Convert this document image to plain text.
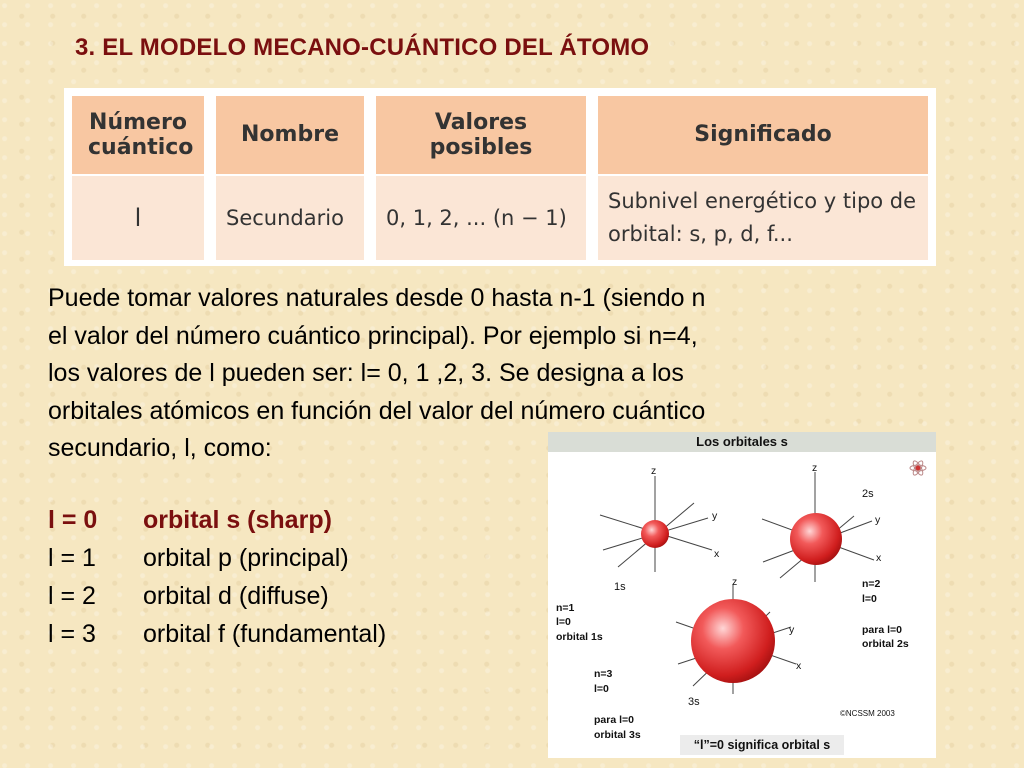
3. EL MODELO MECANO-CUÁNTICO DEL ÁTOMO
Número cuántico
Nombre
Valores posibles
Significado
l	Secundario	0, 1, 2, ... (n − 1)
Subnivel energético y tipo de
orbital: s, p, d, f...
Puede tomar valores naturales desde 0 hasta n-1 (siendo n
el valor del número cuántico principal). Por ejemplo si n=4,
los valores de l pueden ser: l= 0, 1 ,2, 3. Se designa a los
orbitales atómicos en función del valor del número cuántico
secundario, l, como:
l = 0 orbital s (sharp)
l = 1 orbital p (principal)
l = 2 orbital d (diffuse)
l = 3 orbital f (fundamental)
Los orbitales s
z
y
x
z
y
x
z
y
x
1s
2s
3s
n=1
l=0
orbital 1s
n=2
l=0
para l=0
orbital 2s
n=3
l=0
para l=0
orbital 3s
©NCSSM 2003
“l”=0 significa orbital s
